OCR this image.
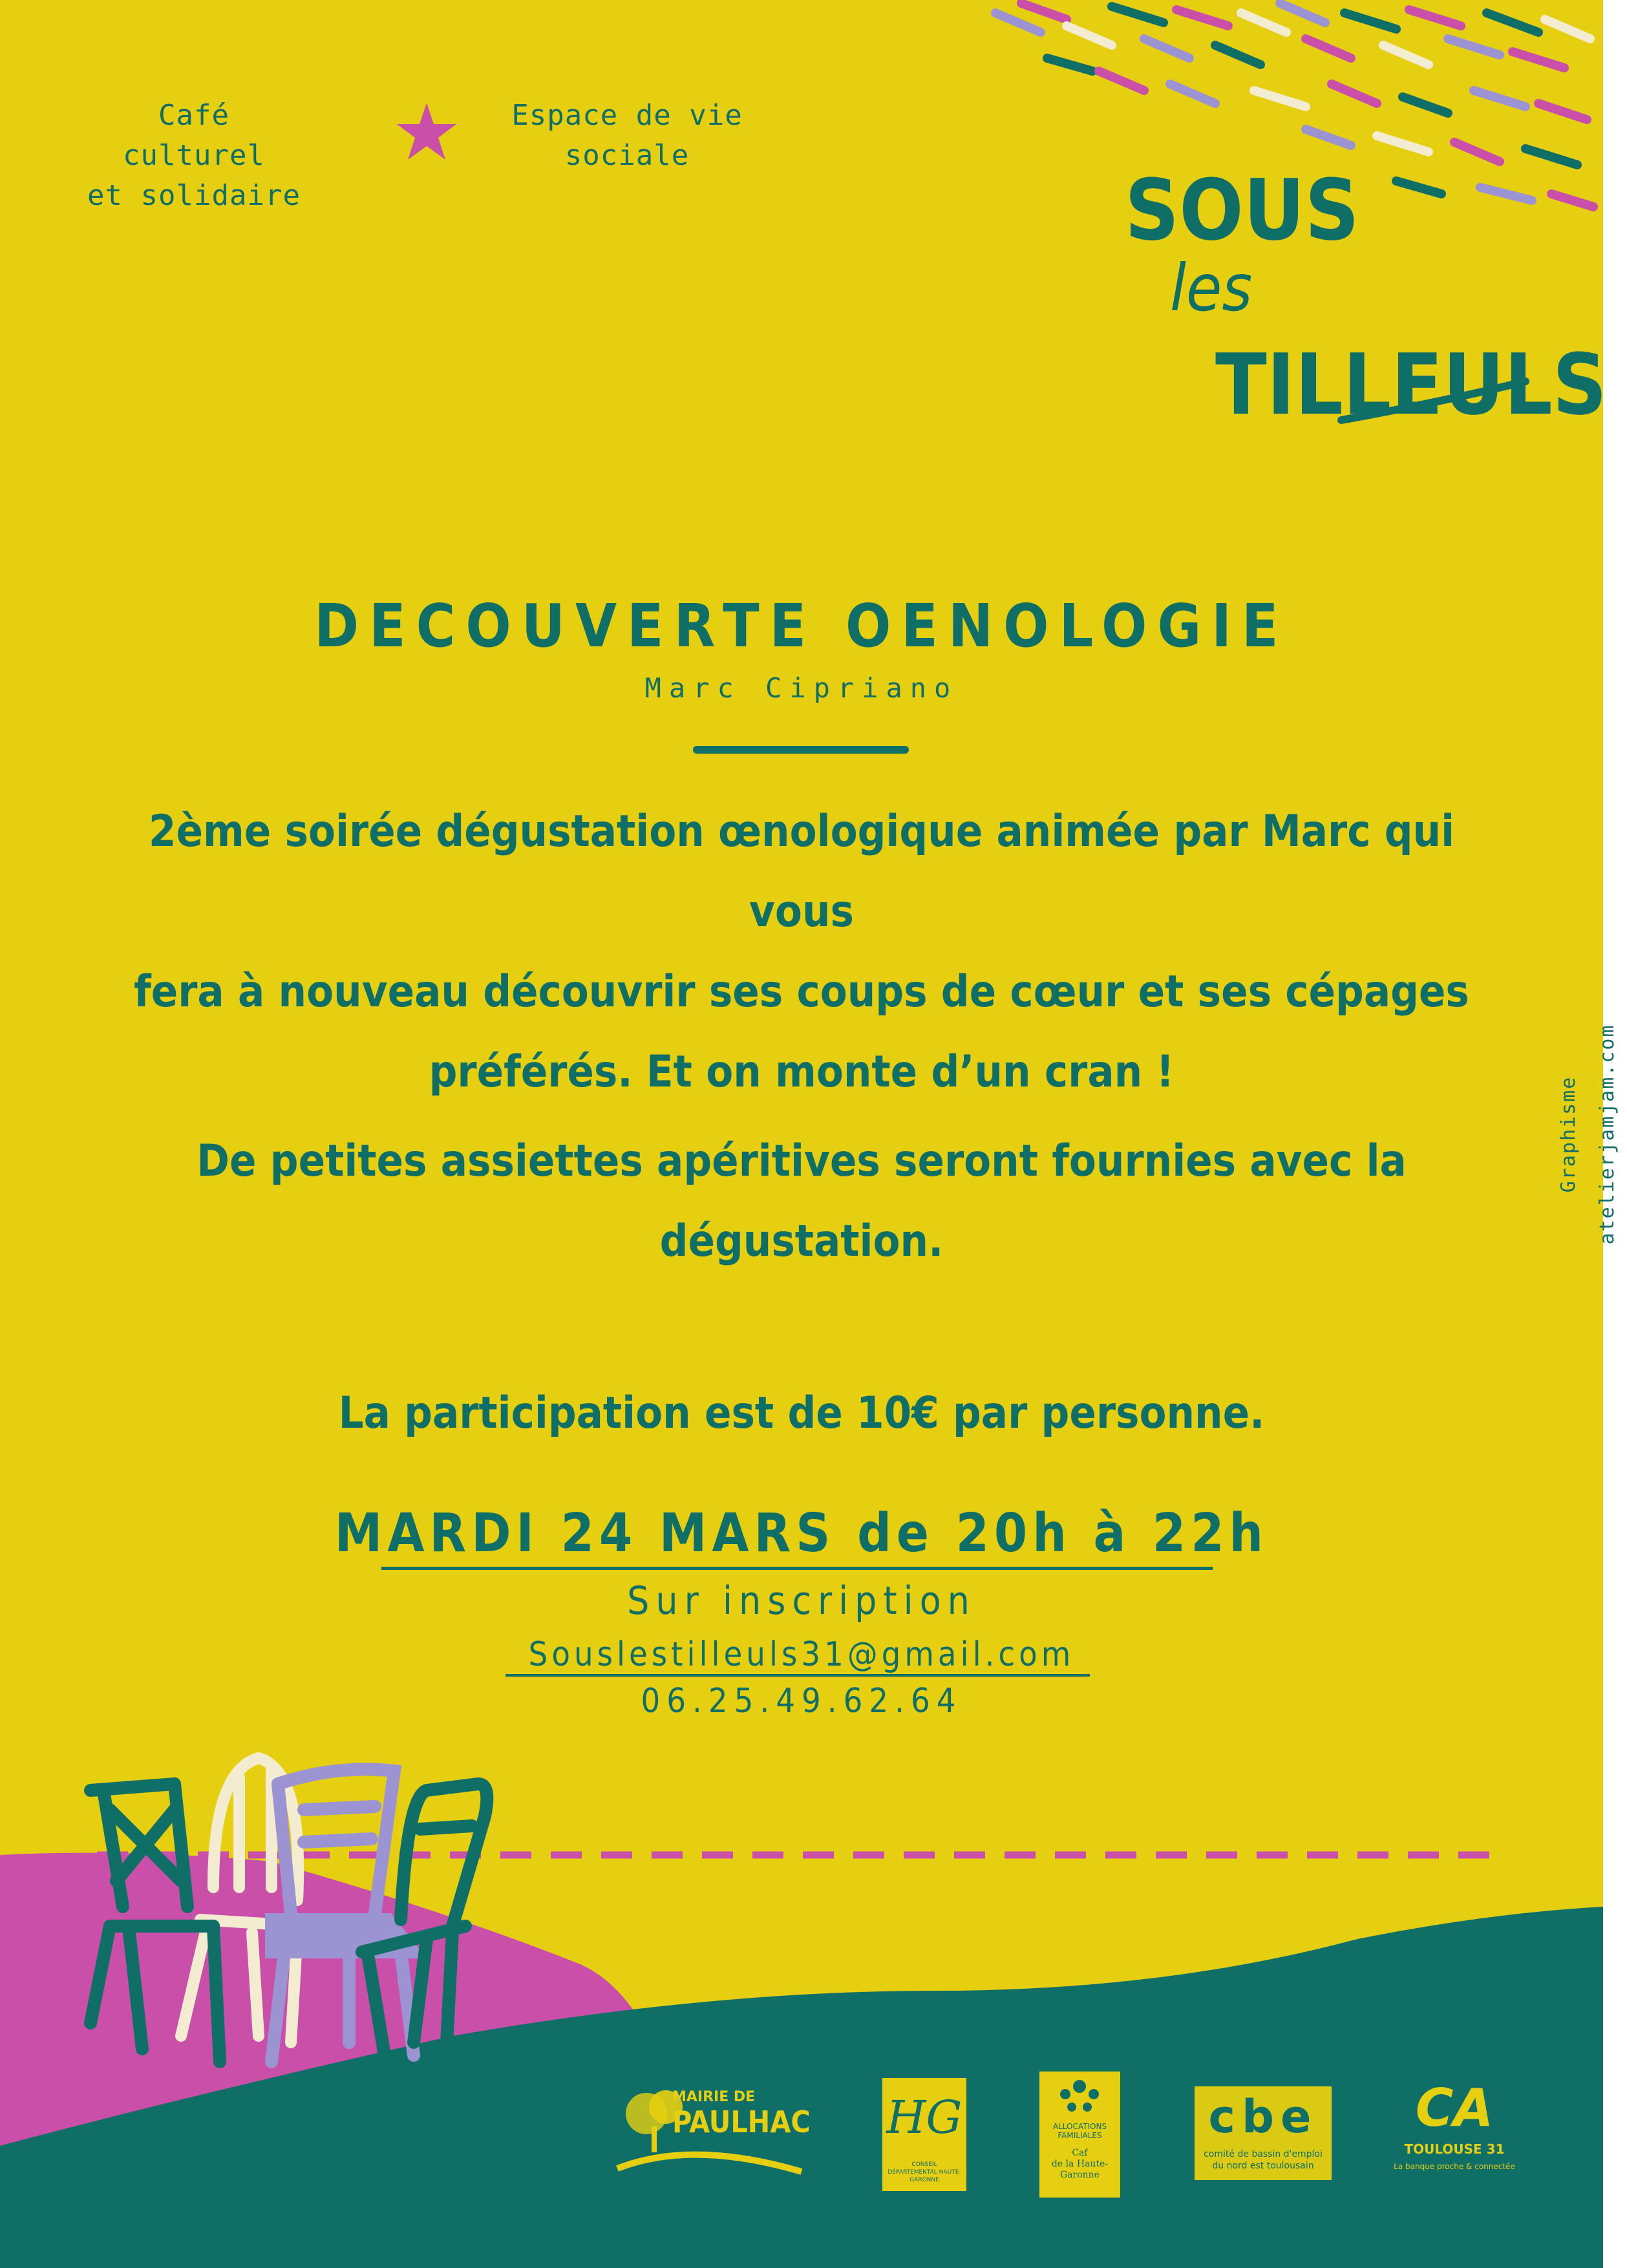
Café culturel
et solidaire
Espace de vie
sociale
SOUS
les
TILLEULS
DECOUVERTE OENOLOGIE
Marc Cipriano
2ème soirée dégustation œnologique animée par Marc qui vous
fera à nouveau découvrir ses coups de cœur et ses cépages
préférés. Et on monte d’un cran !
De petites assiettes apéritives seront fournies avec la
dégustation.
La participation est de 10€ par personne.
MARDI 24 MARS de 20h à 22h
Sur inscription
Souslestilleuls31@gmail.com
06.25.49.62.64
Graphisme atelierjamjam.com
MAIRIE DE
PAULHAC HG
CONSEIL DÉPARTEMENTAL HAUTE-GARONNE
ALLOCATIONS
FAMILIALES
Caf
de la Haute-
Garonne
cbe
comité de bassin d'emploi
du nord est toulousain
CA
TOULOUSE 31
La banque proche & connectée
